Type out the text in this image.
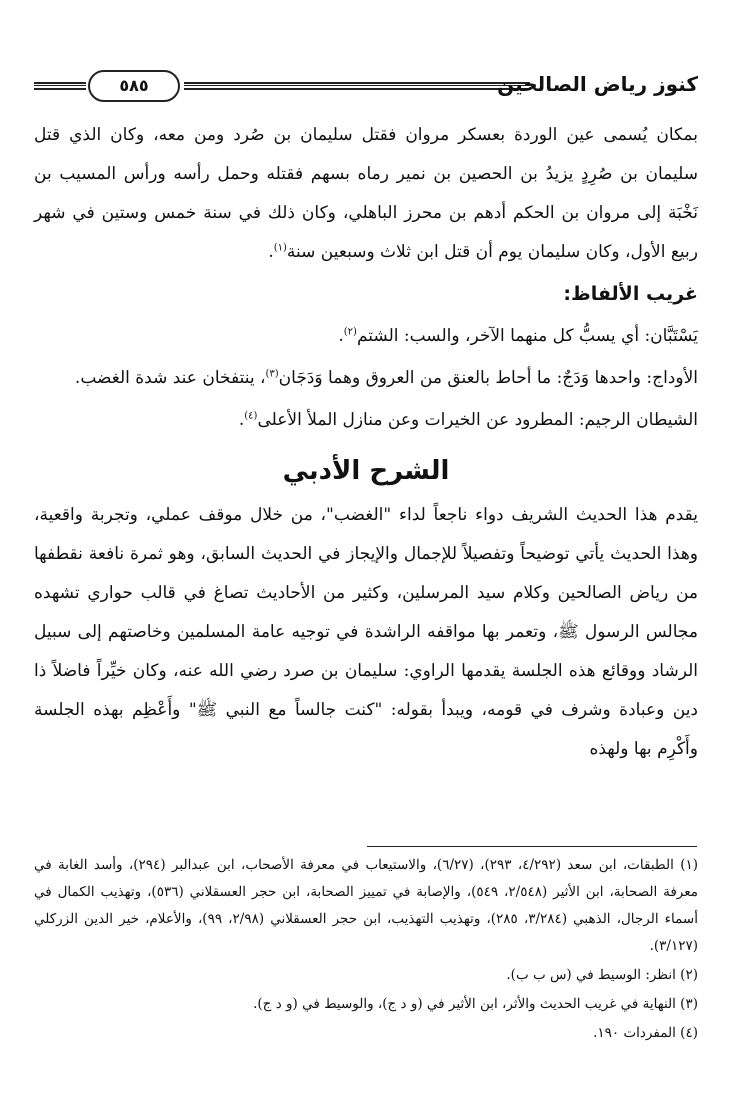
٥٨٥	كنوز رياض الصالحين

بمكان يُسمى عين الوردة بعسكر مروان فقتل سليمان بن صُرد ومن معه، وكان الذي قتل سليمان بن صُرِدٍ يزيدُ بن الحصين بن نمير رماه بسهم فقتله وحمل رأسه ورأس المسيب بن نَخْبَة إلى مروان بن الحكم أدهم بن محرز الباهلي، وكان ذلك في سنة خمس وستين في شهر ربيع الأول، وكان سليمان يوم أن قتل ابن ثلاث وسبعين سنة$^{(١)}$.

غريب الألفاظ:

يَسْتَبَّان: أي يسبُّ كل منهما الآخر، والسب: الشتم$^{(٢)}$.

الأوداج: واحدها وَدَجٌ: ما أحاط بالعنق من العروق وهما وَدَجَان$^{(٣)}$، ينتفخان عند شدة الغضب.

الشيطان الرجيم: المطرود عن الخيرات وعن منازل الملأ الأعلى$^{(٤)}$.

الشرح الأدبي

يقدم هذا الحديث الشريف دواء ناجعاً لداء "الغضب"، من خلال موقف عملي، وتجربة واقعية، وهذا الحديث يأتي توضيحاً وتفصيلاً للإجمال والإيجاز في الحديث السابق، وهو ثمرة نافعة نقطفها من رياض الصالحين وكلام سيد المرسلين، وكثير من الأحاديث تصاغ في قالب حواري تشهده مجالس الرسول ﷺ، وتعمر بها مواقفه الراشدة في توجيه عامة المسلمين وخاصتهم إلى سبيل الرشاد ووقائع هذه الجلسة يقدمها الراوي: سليمان بن صرد رضي الله عنه، وكان خيِّراً فاضلاً ذا دين وعبادة وشرف في قومه، ويبدأ بقوله: "كنت جالساً مع النبي ﷺ" وأَعْظِم بهذه الجلسة وأَكْرِم بها ولهذه

(١) الطبقات، ابن سعد (٤/٢٩٢، ٢٩٣)، (٦/٢٧)، والاستيعاب في معرفة الأصحاب، ابن عبدالبر (٢٩٤)، وأسد الغابة في معرفة الصحابة، ابن الأثير (٢/٥٤٨، ٥٤٩)، والإصابة في تمييز الصحابة، ابن حجر العسقلاني (٥٣٦)، وتهذيب الكمال في أسماء الرجال، الذهبي (٣/٢٨٤، ٢٨٥)، وتهذيب التهذيب، ابن حجر العسقلاني (٢/٩٨، ٩٩)، والأعلام، خير الدين الزركلي (٣/١٢٧).

(٢) انظر: الوسيط في (س ب ب).

(٣) النهاية في غريب الحديث والأثر، ابن الأثير في (و د ج)، والوسيط في (و د ج).

(٤) المفردات ١٩٠.
